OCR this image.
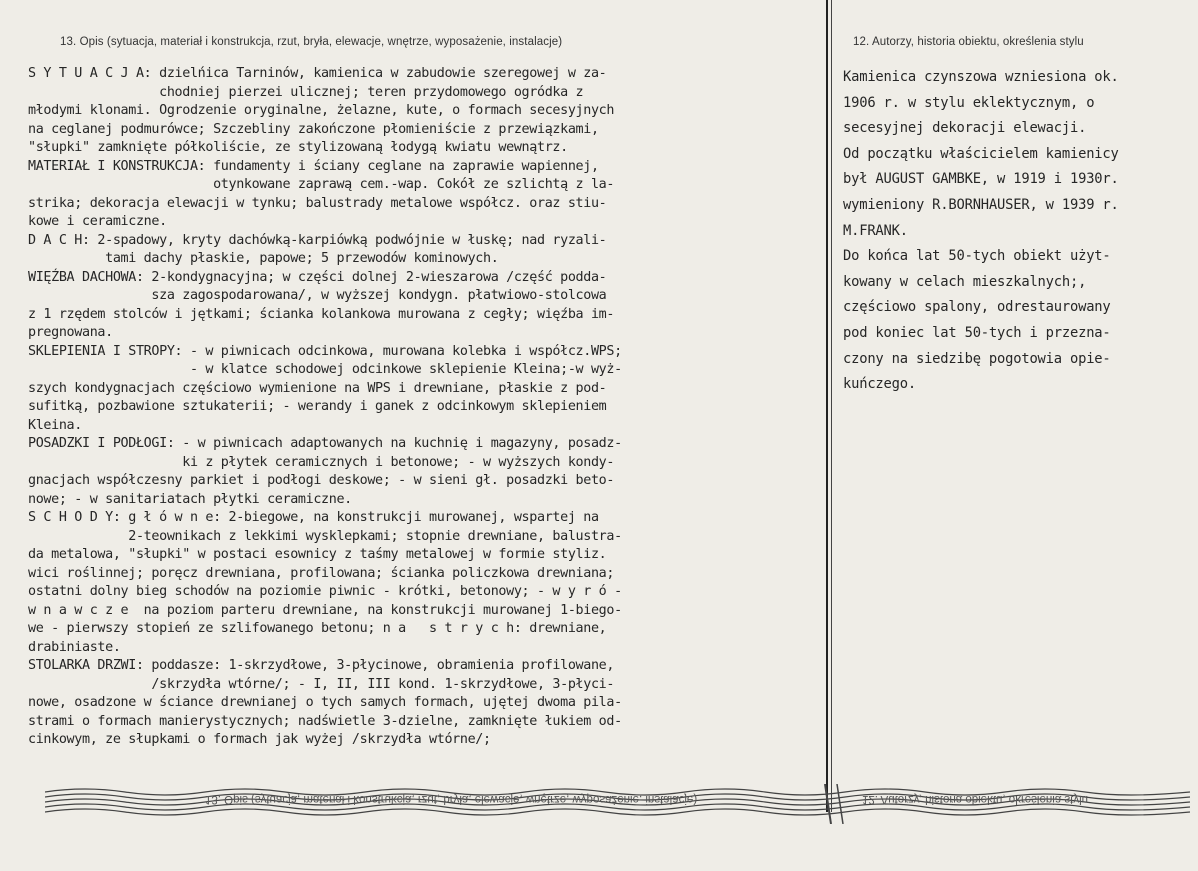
13. Opis (sytuacja, materiał i konstrukcja, rzut, bryła, elewacje, wnętrze, wyposażenie, instalacje)
S Y T U A C J A: dzielńica Tarninów, kamienica w zabudowie szeregowej w za-
chodniej pierzei ulicznej; teren przydomowego ogródka z
młodymi klonami. Ogrodzenie oryginalne, żelazne, kute, o formach secesyjnych
na ceglanej podmurówce; Szczebliny zakończone płomieniście z przewiązkami,
"słupki" zamknięte półkoliście, ze stylizowaną łodygą kwiatu wewnątrz.
MATERIAŁ I KONSTRUKCJA: fundamenty i ściany ceglane na zaprawie wapiennej,
otynkowane zaprawą cem.-wap. Cokół ze szlichtą z la-
strika; dekoracja elewacji w tynku; balustrady metalowe współcz. oraz stiu-
kowe i ceramiczne.
D A C H: 2-spadowy, kryty dachówką-karpiówką podwójnie w łuskę; nad ryzali-
tami dachy płaskie, papowe; 5 przewodów kominowych.
WIĘŹBA DACHOWA: 2-kondygnacyjna; w części dolnej 2-wieszarowa /część podda-
sza zagospodarowana/, w wyższej kondygn. płatwiowo-stolcowa
z 1 rzędem stolców i jętkami; ścianka kolankowa murowana z cegły; więźba im-
pregnowana.
SKLEPIENIA I STROPY: - w piwnicach odcinkowa, murowana kolebka i współcz.WPS;
- w klatce schodowej odcinkowe sklepienie Kleina;-w wyż-
szych kondygnacjach częściowo wymienione na WPS i drewniane, płaskie z pod-
sufitką, pozbawione sztukaterii; - werandy i ganek z odcinkowym sklepieniem
Kleina.
POSADZKI I PODŁOGI: - w piwnicach adaptowanych na kuchnię i magazyny, posadz-
ki z płytek ceramicznych i betonowe; - w wyższych kondy-
gnacjach współczesny parkiet i podłogi deskowe; - w sieni gł. posadzki beto-
nowe; - w sanitariatach płytki ceramiczne.
S C H O D Y: g ł ó w n e: 2-biegowe, na konstrukcji murowanej, wspartej na
2-teownikach z lekkimi wysklepkami; stopnie drewniane, balustra-
da metalowa, "słupki" w postaci esownicy z taśmy metalowej w formie styliz.
wici roślinnej; poręcz drewniana, profilowana; ścianka policzkowa drewniana;
ostatni dolny bieg schodów na poziomie piwnic - krótki, betonowy; - w y r ó -
w n a w c z e  na poziom parteru drewniane, na konstrukcji murowanej 1-biego-
we - pierwszy stopień ze szlifowanego betonu; n a   s t r y c h: drewniane,
drabiniaste.
STOLARKA DRZWI: poddasze: 1-skrzydłowe, 3-płycinowe, obramienia profilowane,
/skrzydła wtórne/; - I, II, III kond. 1-skrzydłowe, 3-płyci-
nowe, osadzone w ściance drewnianej o tych samych formach, ujętej dwoma pila-
strami o formach manierystycznych; nadświetle 3-dzielne, zamknięte łukiem od-
cinkowym, ze słupkami o formach jak wyżej /skrzydła wtórne/;
12. Autorzy, historia obiektu, określenia stylu
Kamienica czynszowa wzniesiona ok.
1906 r. w stylu eklektycznym, o
secesyjnej dekoracji elewacji.
Od początku właścicielem kamienicy
był AUGUST GAMBKE, w 1919 i 1930r.
wymieniony R.BORNHAUSER, w 1939 r.
M.FRANK.
Do końca lat 50-tych obiekt użyt-
kowany w celach mieszkalnych;,
częściowo spalony, odrestaurowany
pod koniec lat 50-tych i przezna-
czony na siedzibę pogotowia opie-
kuńczego.
13. Opis (sytuacja, materiał i konstrukcja, rzut, bryła, elewacje, wnętrze, wyposażenie, instalacje)	12. Autorzy, historia obiektu, określenia stylu
